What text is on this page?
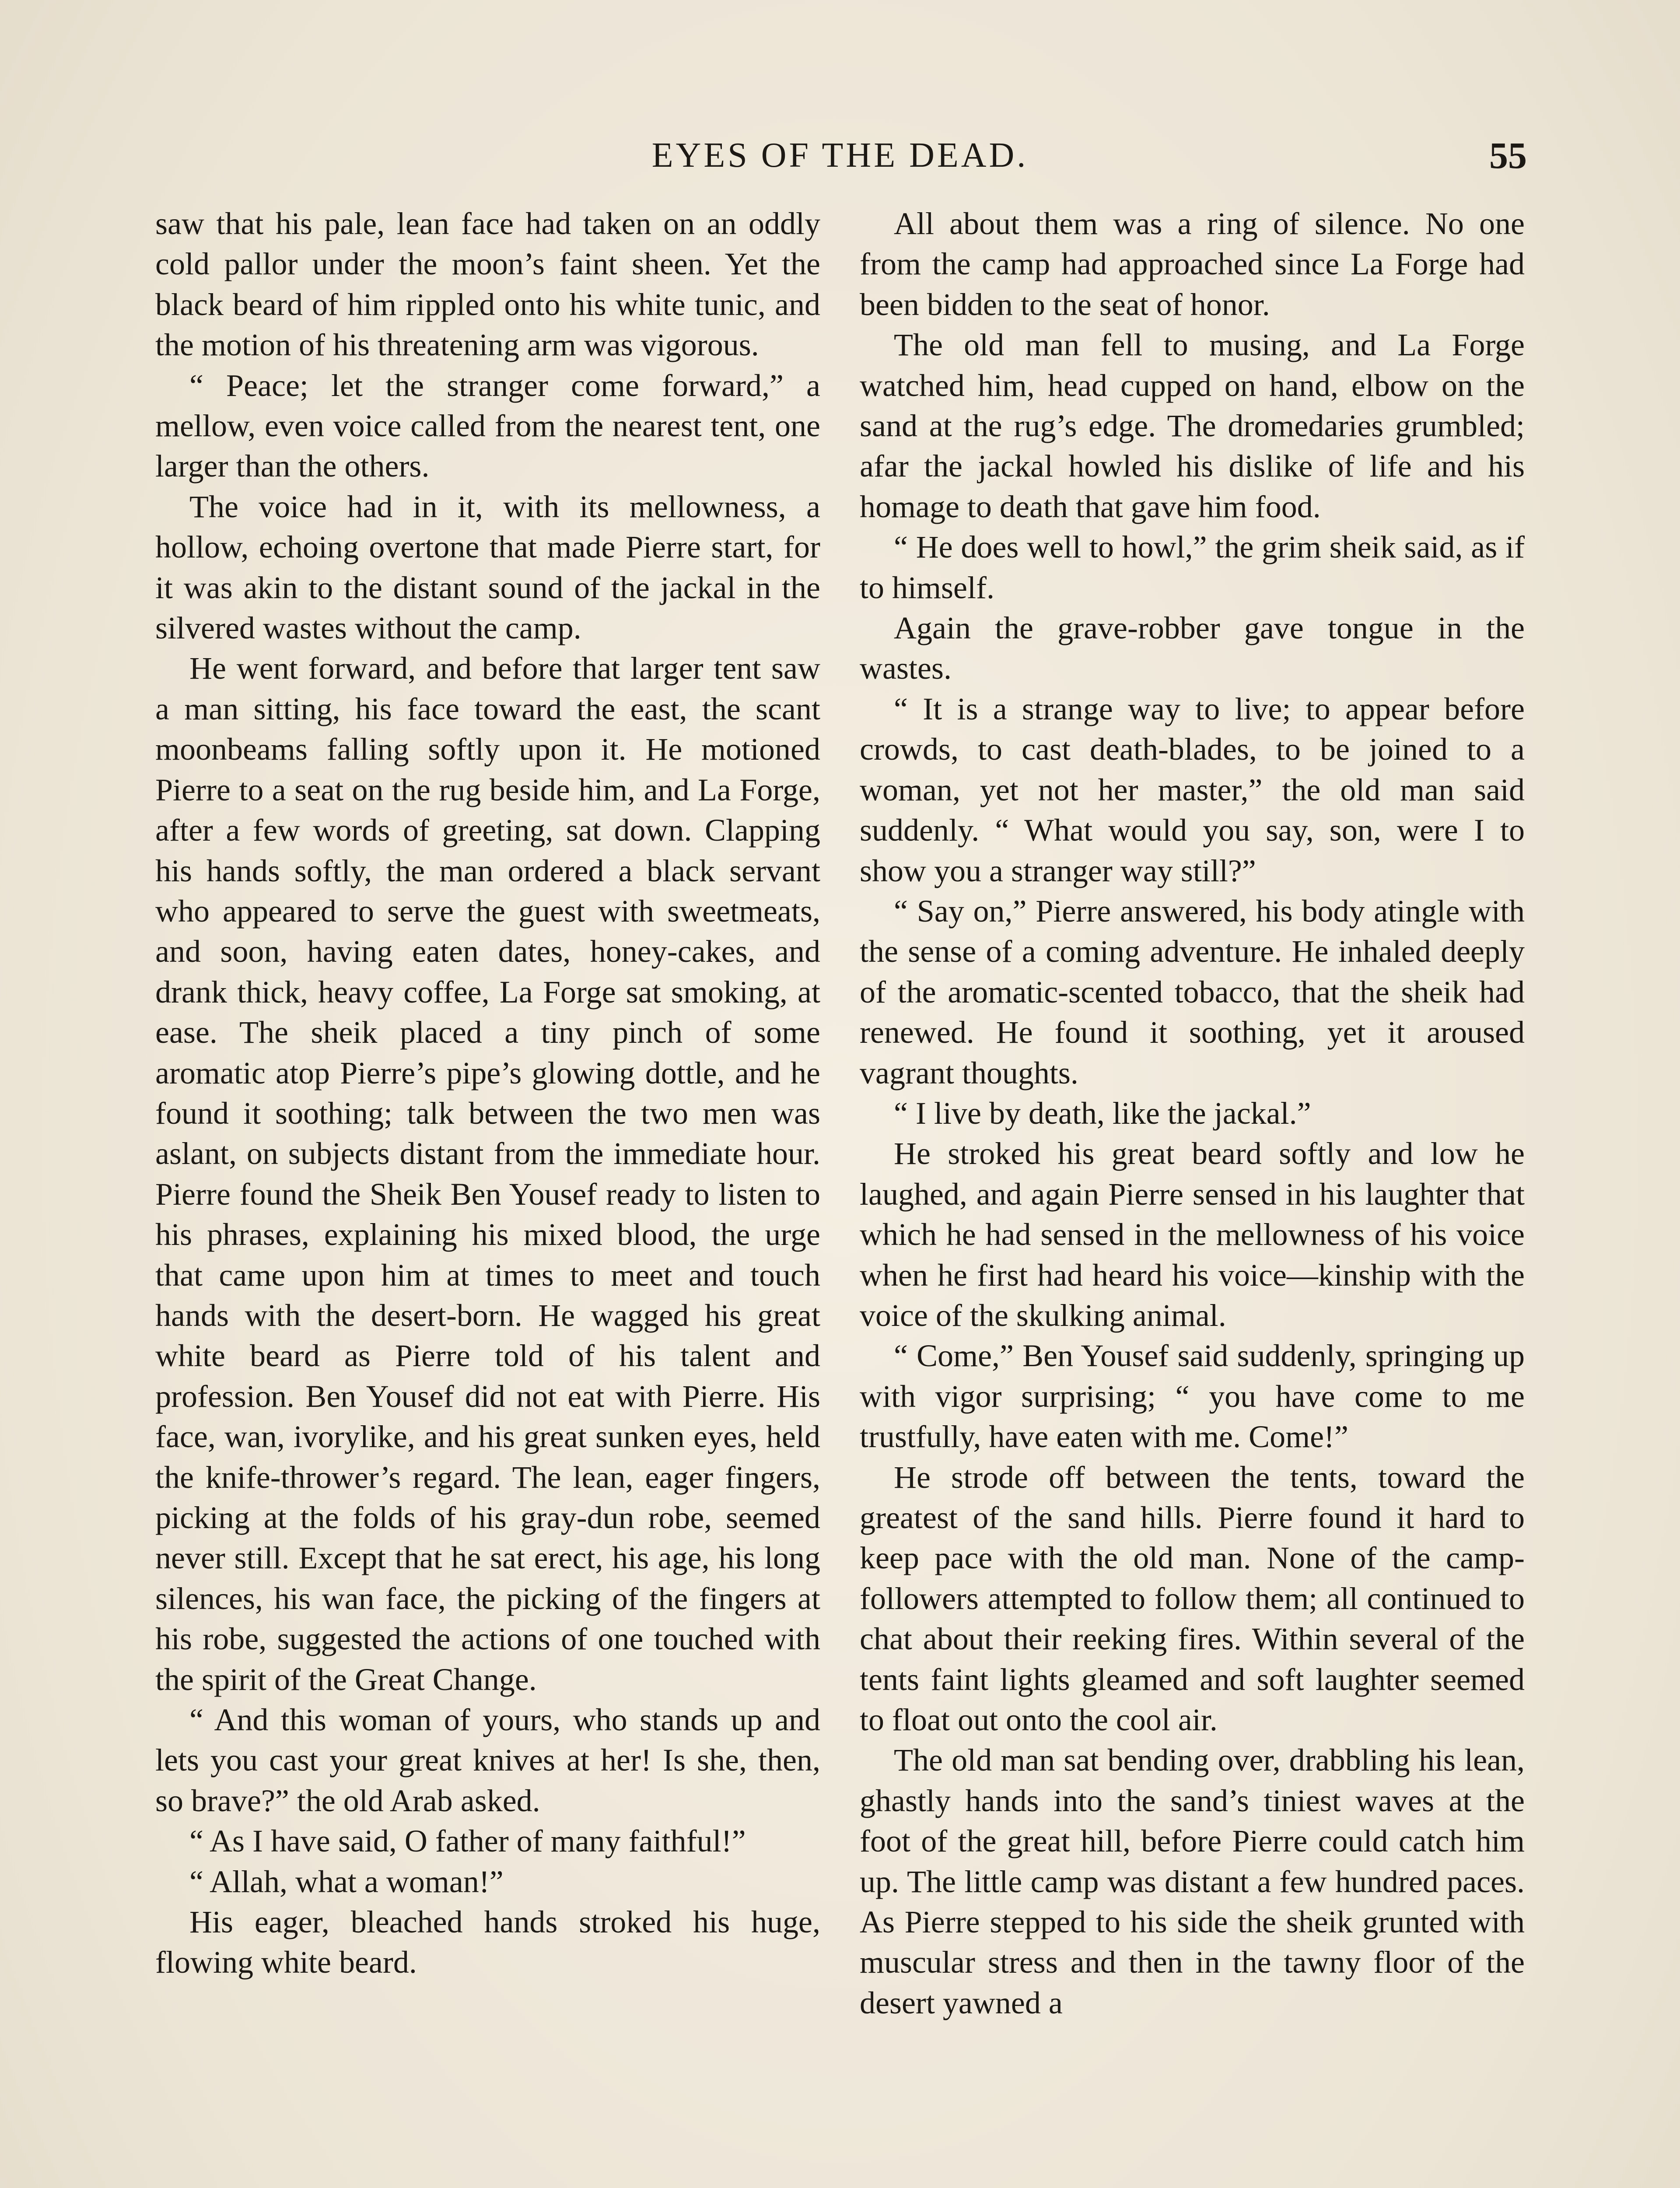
EYES OF THE DEAD.	55

saw that his pale, lean face had taken on an oddly cold pallor under the moon’s faint sheen. Yet the black beard of him rippled onto his white tunic, and the motion of his threatening arm was vigorous.

“ Peace; let the stranger come forward,” a mellow, even voice called from the nearest tent, one larger than the others.

The voice had in it, with its mellowness, a hollow, echoing overtone that made Pierre start, for it was akin to the distant sound of the jackal in the silvered wastes without the camp.

He went forward, and before that larger tent saw a man sitting, his face toward the east, the scant moonbeams falling softly upon it. He motioned Pierre to a seat on the rug beside him, and La Forge, after a few words of greeting, sat down. Clapping his hands softly, the man ordered a black servant who appeared to serve the guest with sweetmeats, and soon, having eaten dates, honey-cakes, and drank thick, heavy coffee, La Forge sat smoking, at ease. The sheik placed a tiny pinch of some aromatic atop Pierre’s pipe’s glowing dottle, and he found it soothing; talk between the two men was aslant, on subjects distant from the immediate hour. Pierre found the Sheik Ben Yousef ready to listen to his phrases, explaining his mixed blood, the urge that came upon him at times to meet and touch hands with the desert-born. He wagged his great white beard as Pierre told of his talent and profession. Ben Yousef did not eat with Pierre. His face, wan, ivorylike, and his great sunken eyes, held the knife-thrower’s regard. The lean, eager fingers, picking at the folds of his gray-dun robe, seemed never still. Except that he sat erect, his age, his long silences, his wan face, the picking of the fingers at his robe, suggested the actions of one touched with the spirit of the Great Change.

“ And this woman of yours, who stands up and lets you cast your great knives at her! Is she, then, so brave?” the old Arab asked.

“ As I have said, O father of many faithful!”

“ Allah, what a woman!”

His eager, bleached hands stroked his huge, flowing white beard.

All about them was a ring of silence. No one from the camp had approached since La Forge had been bidden to the seat of honor.

The old man fell to musing, and La Forge watched him, head cupped on hand, elbow on the sand at the rug’s edge. The dromedaries grumbled; afar the jackal howled his dislike of life and his homage to death that gave him food.

“ He does well to howl,” the grim sheik said, as if to himself.

Again the grave-robber gave tongue in the wastes.

“ It is a strange way to live; to appear before crowds, to cast death-blades, to be joined to a woman, yet not her master,” the old man said suddenly. “ What would you say, son, were I to show you a stranger way still?”

“ Say on,” Pierre answered, his body atingle with the sense of a coming adventure. He inhaled deeply of the aromatic-scented tobacco, that the sheik had renewed. He found it soothing, yet it aroused vagrant thoughts.

“ I live by death, like the jackal.”

He stroked his great beard softly and low he laughed, and again Pierre sensed in his laughter that which he had sensed in the mellowness of his voice when he first had heard his voice—kinship with the voice of the skulking animal.

“ Come,” Ben Yousef said suddenly, springing up with vigor surprising; “ you have come to me trustfully, have eaten with me. Come!”

He strode off between the tents, toward the greatest of the sand hills. Pierre found it hard to keep pace with the old man. None of the camp-followers attempted to follow them; all continued to chat about their reeking fires. Within several of the tents faint lights gleamed and soft laughter seemed to float out onto the cool air.

The old man sat bending over, drabbling his lean, ghastly hands into the sand’s tiniest waves at the foot of the great hill, before Pierre could catch him up. The little camp was distant a few hundred paces. As Pierre stepped to his side the sheik grunted with muscular stress and then in the tawny floor of the desert yawned a
